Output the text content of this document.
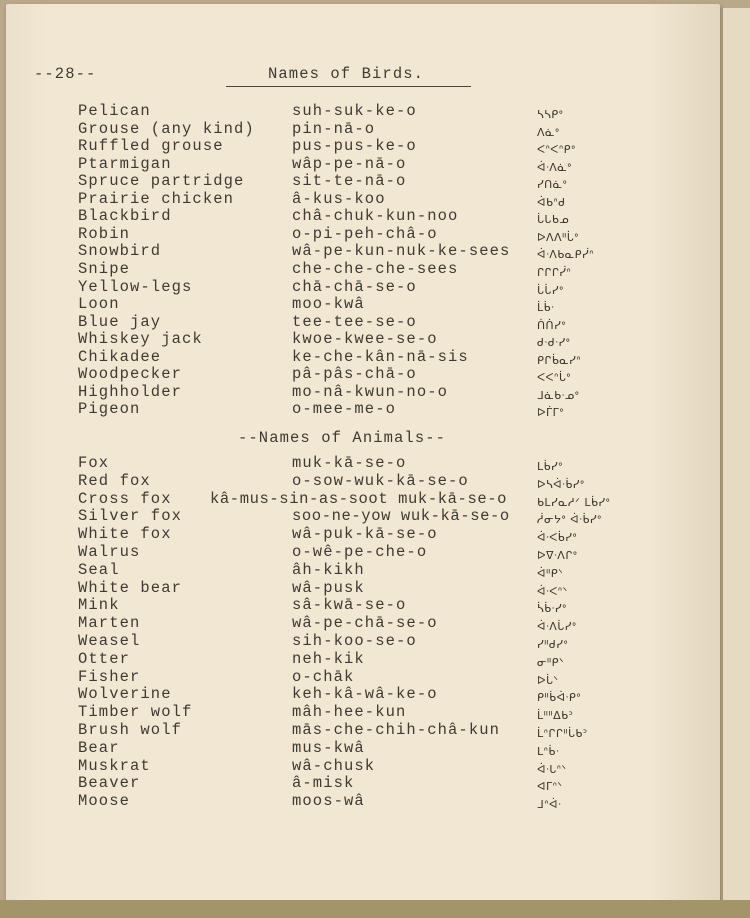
--28--	Names of Birds.
Pelican	suh-suk-ke-o	ᓴᓴᑭᐤ
Grouse (any kind) pin-nā-o	ᐱᓈᐤ
Ruffled grouse	pus-pus-ke-o	ᐸᐢᐸᐢᑭᐤ
Ptarmigan	wâp-pe-nā-o	ᐋᐧᐱᓈᐤ
Spruce partridge	sit-te-nā-o	ᓯᑎᓈᐤ
Prairie chicken	â-kus-koo	ᐋᑲᐢᑯ
Blackbird	châ-chuk-kun-noo	ᒑᒐᑲᓄ
Robin	o-pi-peh-châ-o	ᐅᐱᐱᐦᒑᐤ
Snowbird	wâ-pe-kun-nuk-ke-sees ᐋᐧᐱᑲᓇᑭᓰᐢ
Snipe	che-che-che-sees	ᒋᒋᒋᓰᐢ
Yellow-legs	chā-chā-se-o	ᒑᒑᓯᐤ
Loon	moo-kwâ	ᒫᑳᐧ
Blue jay	tee-tee-se-o	ᑏᑏᓯᐤ
Whiskey jack	kwoe-kwee-se-o	ᑯᐧᑯᐧᓯᐤ
Chikadee	ke-che-kân-nā-sis	ᑭᒋᑳᓇᓯᐢ
Woodpecker	pâ-pâs-chā-o	ᐸᐸᐢᒑᐤ
Highholder	mo-nâ-kwun-no-o	ᒧᓈᑲᐧᓄᐤ
Pigeon	o-mee-me-o	ᐅᒦᒥᐤ
--Names of Animals--
Fox	muk-kā-se-o	ᒪᑳᓯᐤ
Red fox	o-sow-wuk-kā-se-o	ᐅᓴᐋᐧᑳᓯᐤ
Cross fox kâ-mus-sin-as-soot muk-kā-se-o	ᑲᒪᓯᓇᓱᐟ ᒪᑳᓯᐤ
Silver fox	soo-ne-yow wuk-kā-se-o ᓲᓂᔭᐤ ᐋᐧᑳᓯᐤ
White fox	wâ-puk-kā-se-o	ᐋᐧᐸᑳᓯᐤ
Walrus	o-wê-pe-che-o	ᐅᐁᐧᐱᒋᐤ
Seal	âh-kikh	ᐋᐦᑭᐠ
White bear	wâ-pusk	ᐋᐧᐸᐢᐠ
Mink	sâ-kwā-se-o	ᓵᑳᐧᓯᐤ
Marten	wâ-pe-chā-se-o	ᐋᐧᐱᒑᓯᐤ
Weasel	sih-koo-se-o	ᓯᐦᑯᓯᐤ
Otter	neh-kik	ᓂᐦᑭᐠ
Fisher	o-chāk	ᐅᒑᐠ
Wolverine	keh-kâ-wâ-ke-o	ᑭᐦᑳᐋᐧᑭᐤ
Timber wolf	mâh-hee-kun	ᒫᐦᐦᐃᑲᐣ
Brush wolf	mās-che-chih-châ-kun	ᒫᐢᒋᒋᐦᒑᑲᐣ
Bear	mus-kwâ	ᒪᐢᑳᐧ
Muskrat	wâ-chusk	ᐋᐧᒐᐢᐠ
Beaver	â-misk	ᐊᒥᐢᐠ
Moose	moos-wâ	ᒧᐢᐋᐧ
